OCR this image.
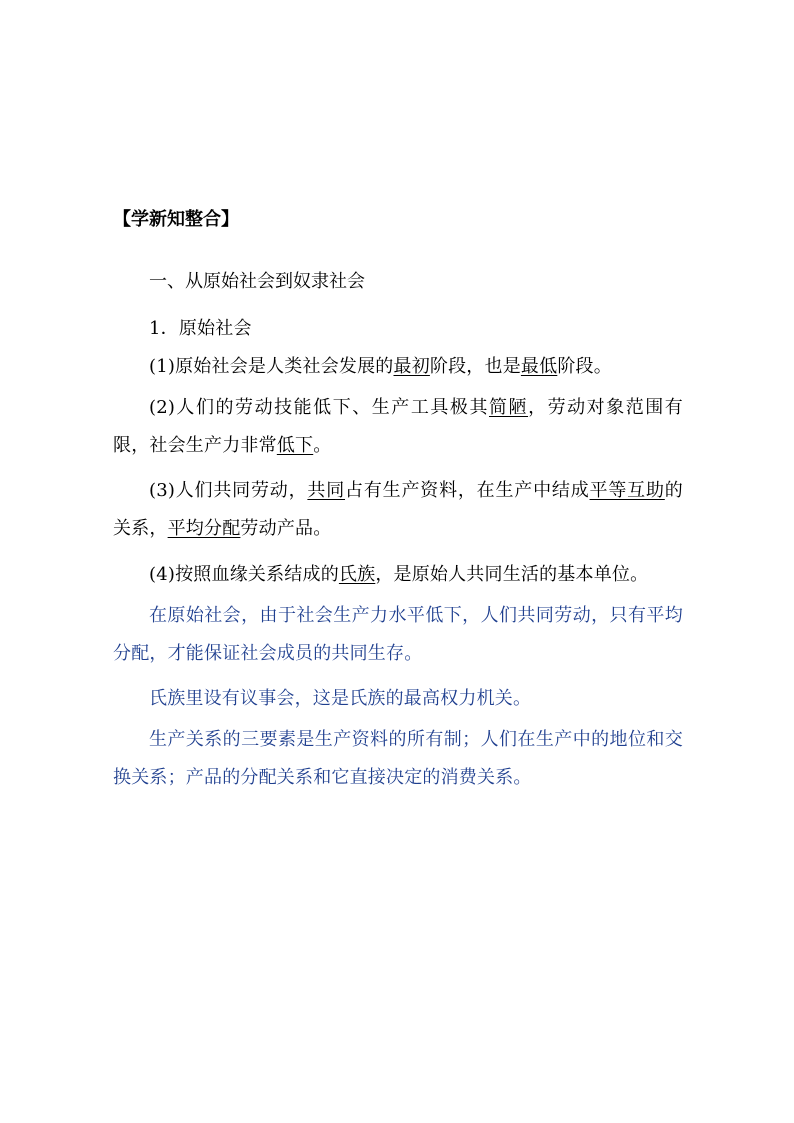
【学新知整合】
一、从原始社会到奴隶社会
1．原始社会
(1)原始社会是人类社会发展的最初阶段，也是最低阶段。
(2)人们的劳动技能低下、生产工具极其简陋，劳动对象范围有限，社会生产力非常低下。
(3)人们共同劳动，共同占有生产资料，在生产中结成平等互助的关系，平均分配劳动产品。
(4)按照血缘关系结成的氏族，是原始人共同生活的基本单位。
在原始社会，由于社会生产力水平低下，人们共同劳动，只有平均分配，才能保证社会成员的共同生存。
氏族里设有议事会，这是氏族的最高权力机关。
生产关系的三要素是生产资料的所有制；人们在生产中的地位和交换关系；产品的分配关系和它直接决定的消费关系。
